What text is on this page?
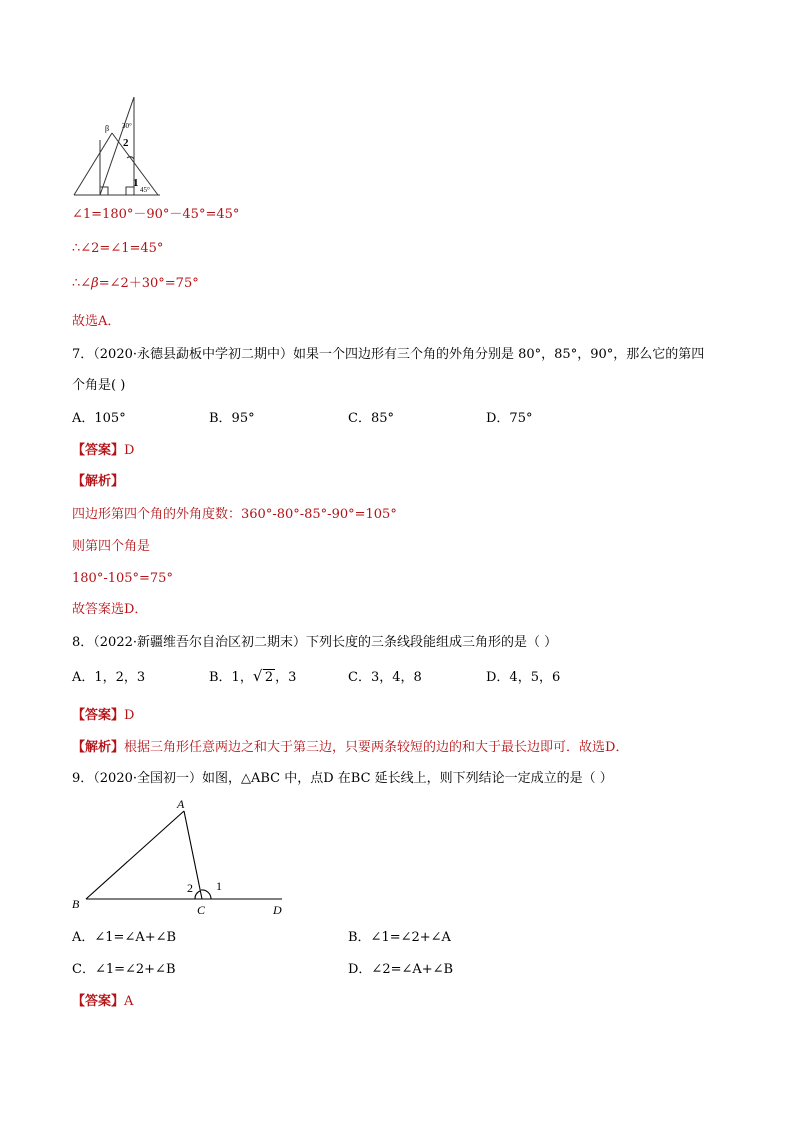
30°
β
2
1
45°
∠1=180°－90°－45°=45°
∴∠2=∠1=45°
∴∠β=∠2＋30°=75°
故选A．
7．（2020·永德县勐板中学初二期中）如果一个四边形有三个角的外角分别是 80°，85°，90°，那么它的第四
个角是( )
A．105°	B．95°	C．85°	D．75°
【答案】D
【解析】
四边形第四个角的外角度数：360°-80°-85°-90°=105°
则第四个角是
180°-105°=75°
故答案选D．
8．（2022·新疆维吾尔自治区初二期末）下列长度的三条线段能组成三角形的是（ ）
A．1，2，3	B．1， √ 2 ，3	C．3，4，8	D．4，5，6
【答案】D
【解析】根据三角形任意两边之和大于第三边，只要两条较短的边的和大于最长边即可．故选D．
9．（2020·全国初一）如图，△ABC 中，点D 在BC 延长线上，则下列结论一定成立的是（ ）
A
B	C	D
2 1
A．∠1=∠A+∠B	B．∠1=∠2+∠A
C．∠1=∠2+∠B	D．∠2=∠A+∠B
【答案】A
